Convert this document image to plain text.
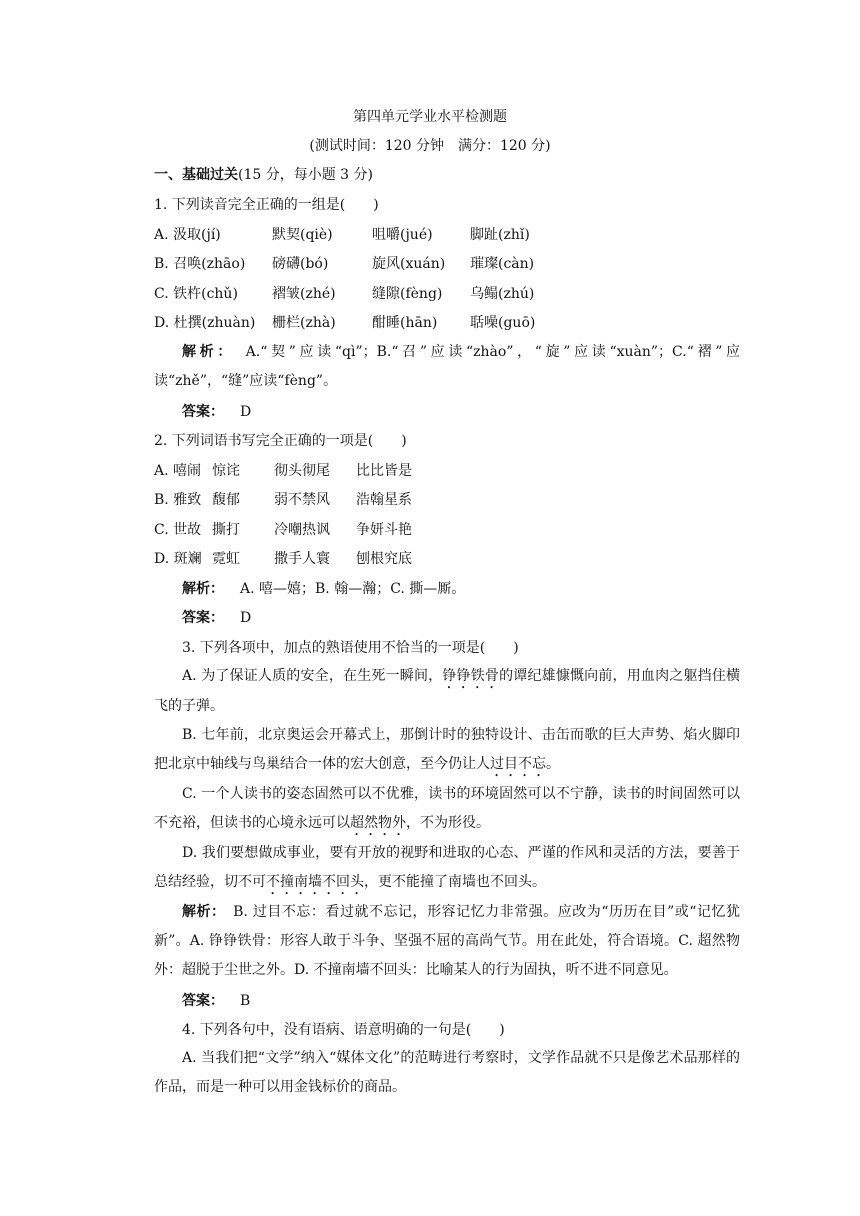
第四单元学业水平检测题
(测试时间：120 分钟　满分：120 分)
一、基础过关(15 分，每小题 3 分)
1. 下列读音完全正确的一组是(　　)
A. 汲取(jí)	默契(qiè)	咀嚼(jué)	脚趾(zhǐ)
B. 召唤(zhāo) 磅礴(bó)	旋风(xuán) 璀璨(càn)
C. 铁杵(chǔ) 褶皱(zhé)	缝隙(fèng) 乌鳎(zhú)
D. 杜撰(zhuàn) 栅栏(zhà)	酣睡(hān) 聒噪(guō)
解析：　 A.“契”应读“qì”；B.“召”应读“zhào”，“旋”应读“xuàn”；C.“褶”应读“zhě”，“缝”应读“fèng”。
答案： D
2. 下列词语书写完全正确的一项是(　　)
A. 嘻闹 惊诧 彻头彻尾 比比皆是
B. 雅致 馥郁 弱不禁风 浩翰星系
C. 世故 撕打 冷嘲热讽 争妍斗艳
D. 斑斓 霓虹 撒手人寰 刨根究底
解析： A. 嘻—嬉；B. 翰—瀚；C. 撕—厮。
答案： D
3. 下列各项中，加点的熟语使用不恰当的一项是(　　)
A. 为了保证人质的安全，在生死一瞬间，铮铮铁骨的谭纪雄慷慨向前，用血肉之躯挡住横飞的子弹。
B. 七年前，北京奥运会开幕式上，那倒计时的独特设计、击缶而歌的巨大声势、焰火脚印把北京中轴线与鸟巢结合一体的宏大创意，至今仍让人过目不忘。
C. 一个人读书的姿态固然可以不优雅，读书的环境固然可以不宁静，读书的时间固然可以不充裕，但读书的心境永远可以超然物外，不为形役。
D. 我们要想做成事业，要有开放的视野和进取的心态、严谨的作风和灵活的方法，要善于总结经验，切不可不撞南墙不回头，更不能撞了南墙也不回头。
解析：　 B. 过目不忘：看过就不忘记，形容记忆力非常强。应改为“历历在目”或“记忆犹新”。A. 铮铮铁骨：形容人敢于斗争、坚强不屈的高尚气节。用在此处，符合语境。C. 超然物外：超脱于尘世之外。D. 不撞南墙不回头：比喻某人的行为固执，听不进不同意见。
答案： B
4. 下列各句中，没有语病、语意明确的一句是(　　)
A. 当我们把“文学”纳入“媒体文化”的范畴进行考察时，文学作品就不只是像艺术品那样的作品，而是一种可以用金钱标价的商品。
